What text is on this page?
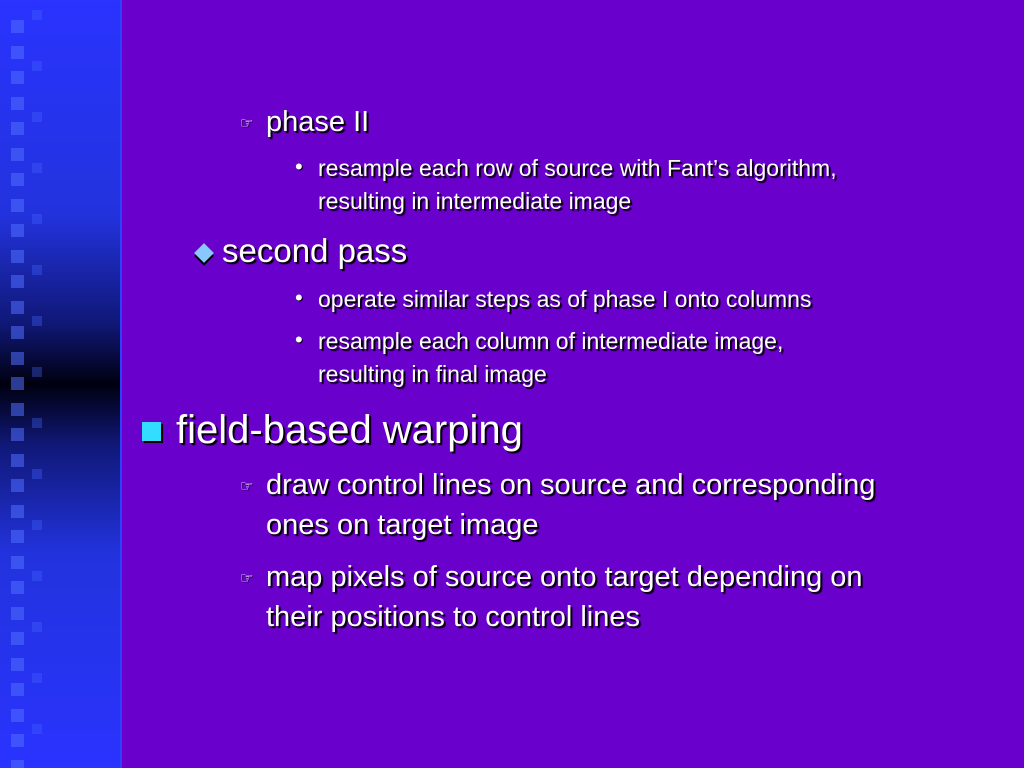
☞ phase II
• resample each row of source with Fant’s algorithm,
resulting in intermediate image
second pass
• operate similar steps as of phase I onto columns
• resample each column of intermediate image,
resulting in final image
field-based warping
☞ draw control lines on source and corresponding
ones on target image
☞ map pixels of source onto target depending on
their positions to control lines
